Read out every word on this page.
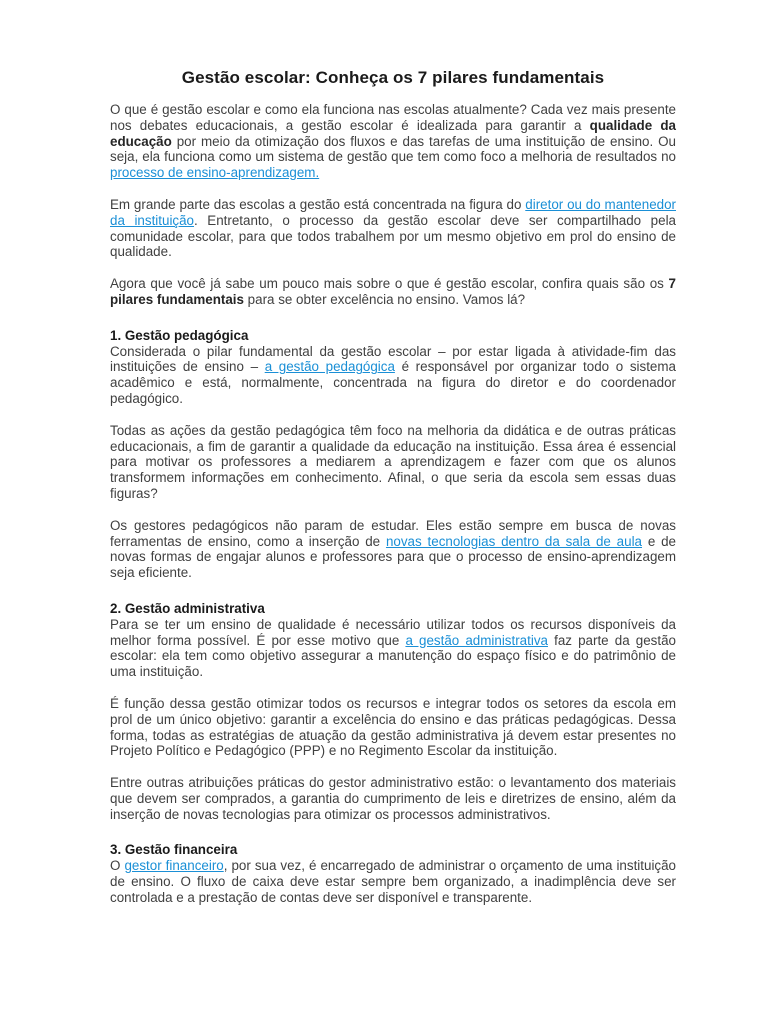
Gestão escolar: Conheça os 7 pilares fundamentais

O que é gestão escolar e como ela funciona nas escolas atualmente? Cada vez mais presente nos debates educacionais, a gestão escolar é idealizada para garantir a qualidade da educação por meio da otimização dos fluxos e das tarefas de uma instituição de ensino. Ou seja, ela funciona como um sistema de gestão que tem como foco a melhoria de resultados no processo de ensino-aprendizagem.

Em grande parte das escolas a gestão está concentrada na figura do diretor ou do mantenedor da instituição. Entretanto, o processo da gestão escolar deve ser compartilhado pela comunidade escolar, para que todos trabalhem por um mesmo objetivo em prol do ensino de qualidade.

Agora que você já sabe um pouco mais sobre o que é gestão escolar, confira quais são os 7 pilares fundamentais para se obter excelência no ensino. Vamos lá?

1. Gestão pedagógica

Considerada o pilar fundamental da gestão escolar – por estar ligada à atividade-fim das instituições de ensino – a gestão pedagógica é responsável por organizar todo o sistema acadêmico e está, normalmente, concentrada na figura do diretor e do coordenador pedagógico.

Todas as ações da gestão pedagógica têm foco na melhoria da didática e de outras práticas educacionais, a fim de garantir a qualidade da educação na instituição. Essa área é essencial para motivar os professores a mediarem a aprendizagem e fazer com que os alunos transformem informações em conhecimento. Afinal, o que seria da escola sem essas duas figuras?

Os gestores pedagógicos não param de estudar. Eles estão sempre em busca de novas ferramentas de ensino, como a inserção de novas tecnologias dentro da sala de aula e de novas formas de engajar alunos e professores para que o processo de ensino-aprendizagem seja eficiente.

2. Gestão administrativa

Para se ter um ensino de qualidade é necessário utilizar todos os recursos disponíveis da melhor forma possível. É por esse motivo que a gestão administrativa faz parte da gestão escolar: ela tem como objetivo assegurar a manutenção do espaço físico e do patrimônio de uma instituição.

É função dessa gestão otimizar todos os recursos e integrar todos os setores da escola em prol de um único objetivo: garantir a excelência do ensino e das práticas pedagógicas. Dessa forma, todas as estratégias de atuação da gestão administrativa já devem estar presentes no Projeto Político e Pedagógico (PPP) e no Regimento Escolar da instituição.

Entre outras atribuições práticas do gestor administrativo estão: o levantamento dos materiais que devem ser comprados, a garantia do cumprimento de leis e diretrizes de ensino, além da inserção de novas tecnologias para otimizar os processos administrativos.

3. Gestão financeira

O gestor financeiro, por sua vez, é encarregado de administrar o orçamento de uma instituição de ensino. O fluxo de caixa deve estar sempre bem organizado, a inadimplência deve ser controlada e a prestação de contas deve ser disponível e transparente.
